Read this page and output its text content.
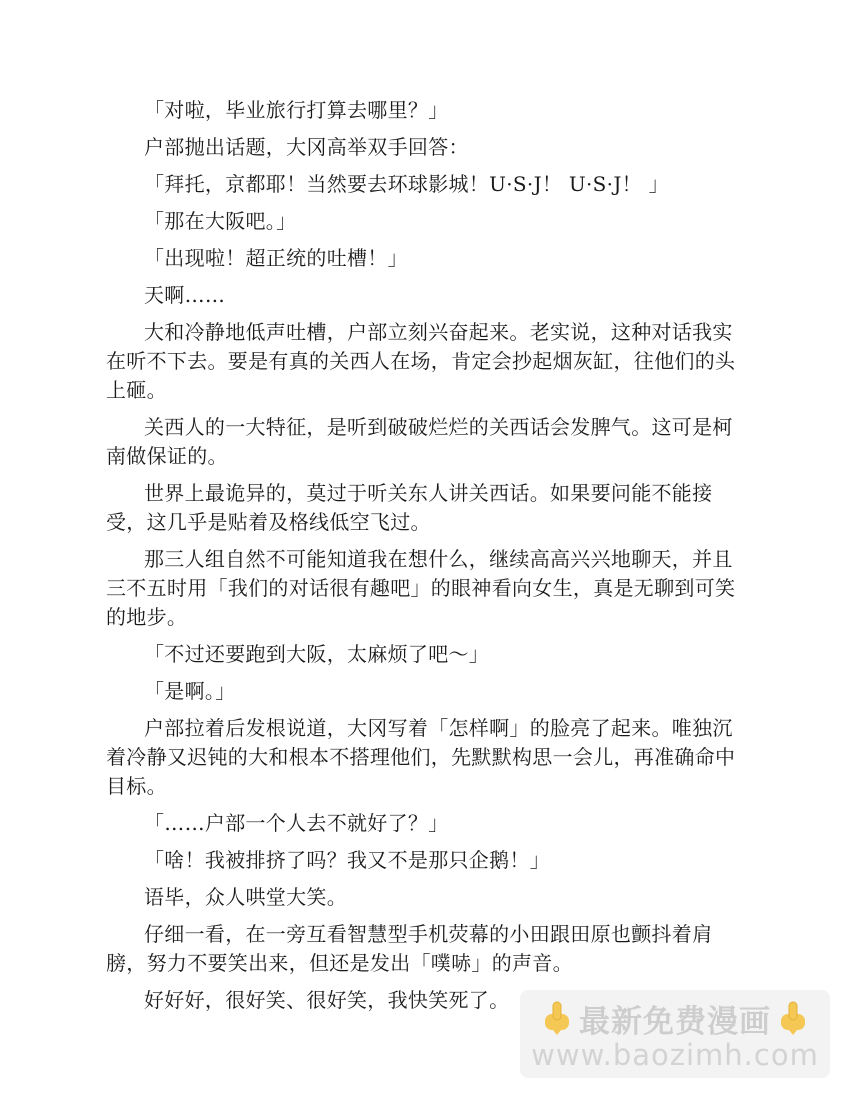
「对啦，毕业旅行打算去哪里？」

户部抛出话题，大冈高举双手回答：

「拜托，京都耶！当然要去环球影城！U·S·J！ U·S·J！ 」

「那在大阪吧。」

「出现啦！超正统的吐槽！」

天啊……

大和冷静地低声吐槽，户部立刻兴奋起来。老实说，这种对话我实在听不下去。要是有真的关西人在场，肯定会抄起烟灰缸，往他们的头上砸。

关西人的一大特征，是听到破破烂烂的关西话会发脾气。这可是柯南做保证的。

世界上最诡异的，莫过于听关东人讲关西话。如果要问能不能接受，这几乎是贴着及格线低空飞过。

那三人组自然不可能知道我在想什么，继续高高兴兴地聊天，并且三不五时用「我们的对话很有趣吧」的眼神看向女生，真是无聊到可笑的地步。

「不过还要跑到大阪，太麻烦了吧～」

「是啊。」

户部拉着后发根说道，大冈写着「怎样啊」的脸亮了起来。唯独沉着冷静又迟钝的大和根本不搭理他们，先默默构思一会儿，再准确命中目标。

「……户部一个人去不就好了？」

「啥！我被排挤了吗？我又不是那只企鹅！」

语毕，众人哄堂大笑。

仔细一看，在一旁互看智慧型手机荧幕的小田跟田原也颤抖着肩膀，努力不要笑出来，但还是发出「噗哧」的声音。

好好好，很好笑、很好笑，我快笑死了。

最新免费漫画
www.baozimh.com
